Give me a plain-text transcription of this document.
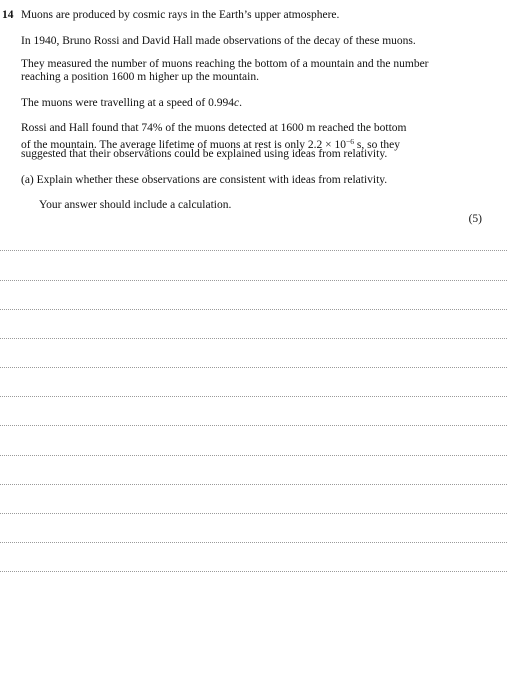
14 Muons are produced by cosmic rays in the Earth’s upper atmosphere.
In 1940, Bruno Rossi and David Hall made observations of the decay of these muons.
They measured the number of muons reaching the bottom of a mountain and the number
reaching a position 1600 m higher up the mountain.
The muons were travelling at a speed of 0.994c.
Rossi and Hall found that 74% of the muons detected at 1600 m reached the bottom
of the mountain. The average lifetime of muons at rest is only $2.2 \times 10^{-6}$ s, so they
suggested that their observations could be explained using ideas from relativity.
(a) Explain whether these observations are consistent with ideas from relativity.
Your answer should include a calculation.
(5)
